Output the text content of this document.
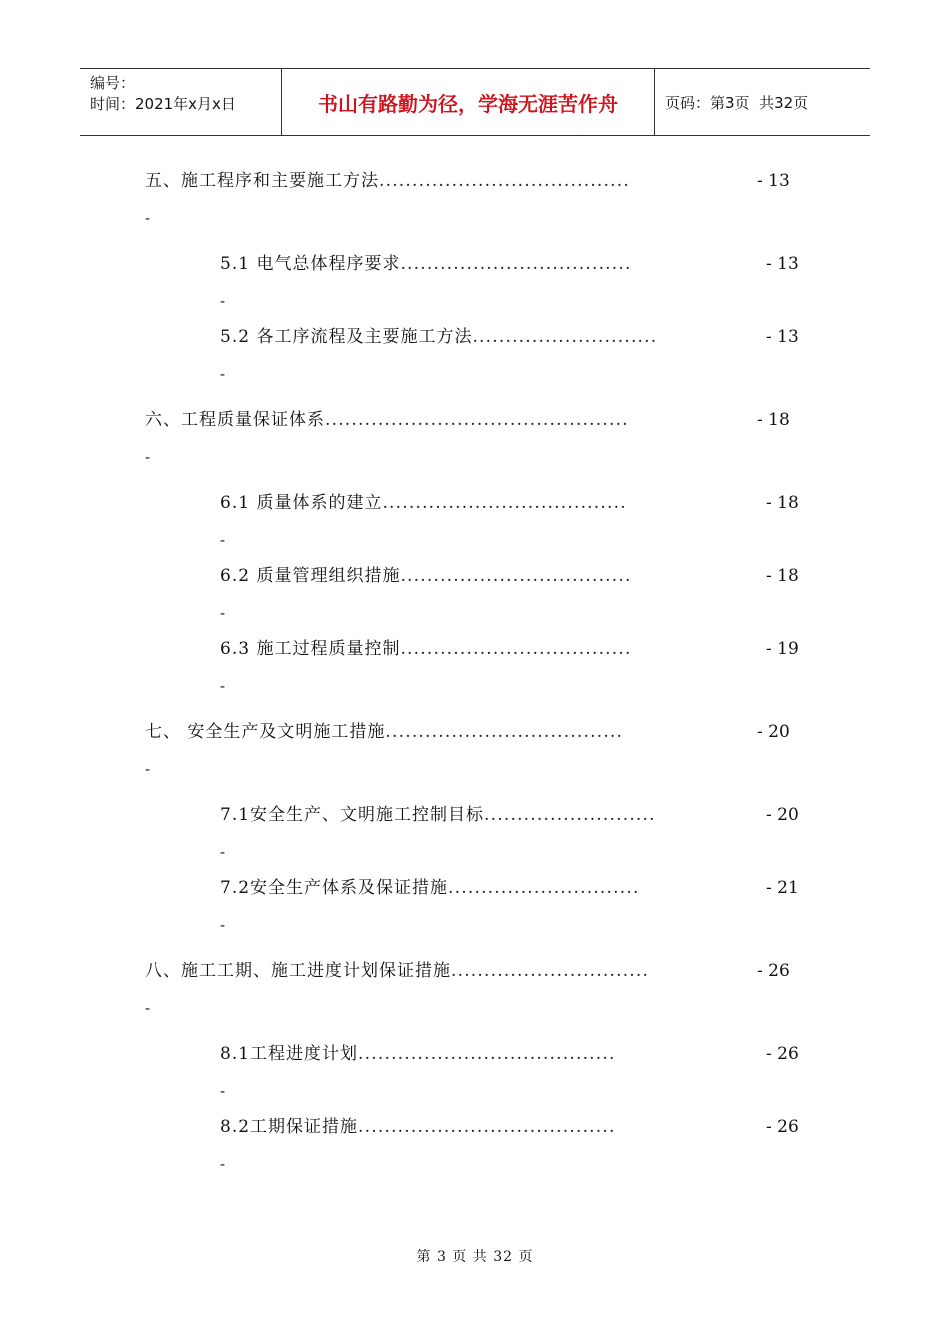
编号：
时间：2021年x月x日	书山有路勤为径，学海无涯苦作舟	页码：第3页  共32页
五、施工程序和主要施工方法......................................	- 13
-
5.1 电气总体程序要求...................................	- 13
-
5.2 各工序流程及主要施工方法............................	- 13
-
六、工程质量保证体系..............................................	- 18
-
6.1 质量体系的建立.....................................	- 18
-
6.2 质量管理组织措施...................................	- 18
-
6.3 施工过程质量控制...................................	- 19
-
七、 安全生产及文明施工措施....................................	- 20
-
7.1安全生产、文明施工控制目标..........................	- 20
-
7.2安全生产体系及保证措施.............................	- 21
-
八、施工工期、施工进度计划保证措施..............................	- 26
-
8.1工程进度计划.......................................	- 26
-
8.2工期保证措施.......................................	- 26
-
第 3 页 共 32 页
